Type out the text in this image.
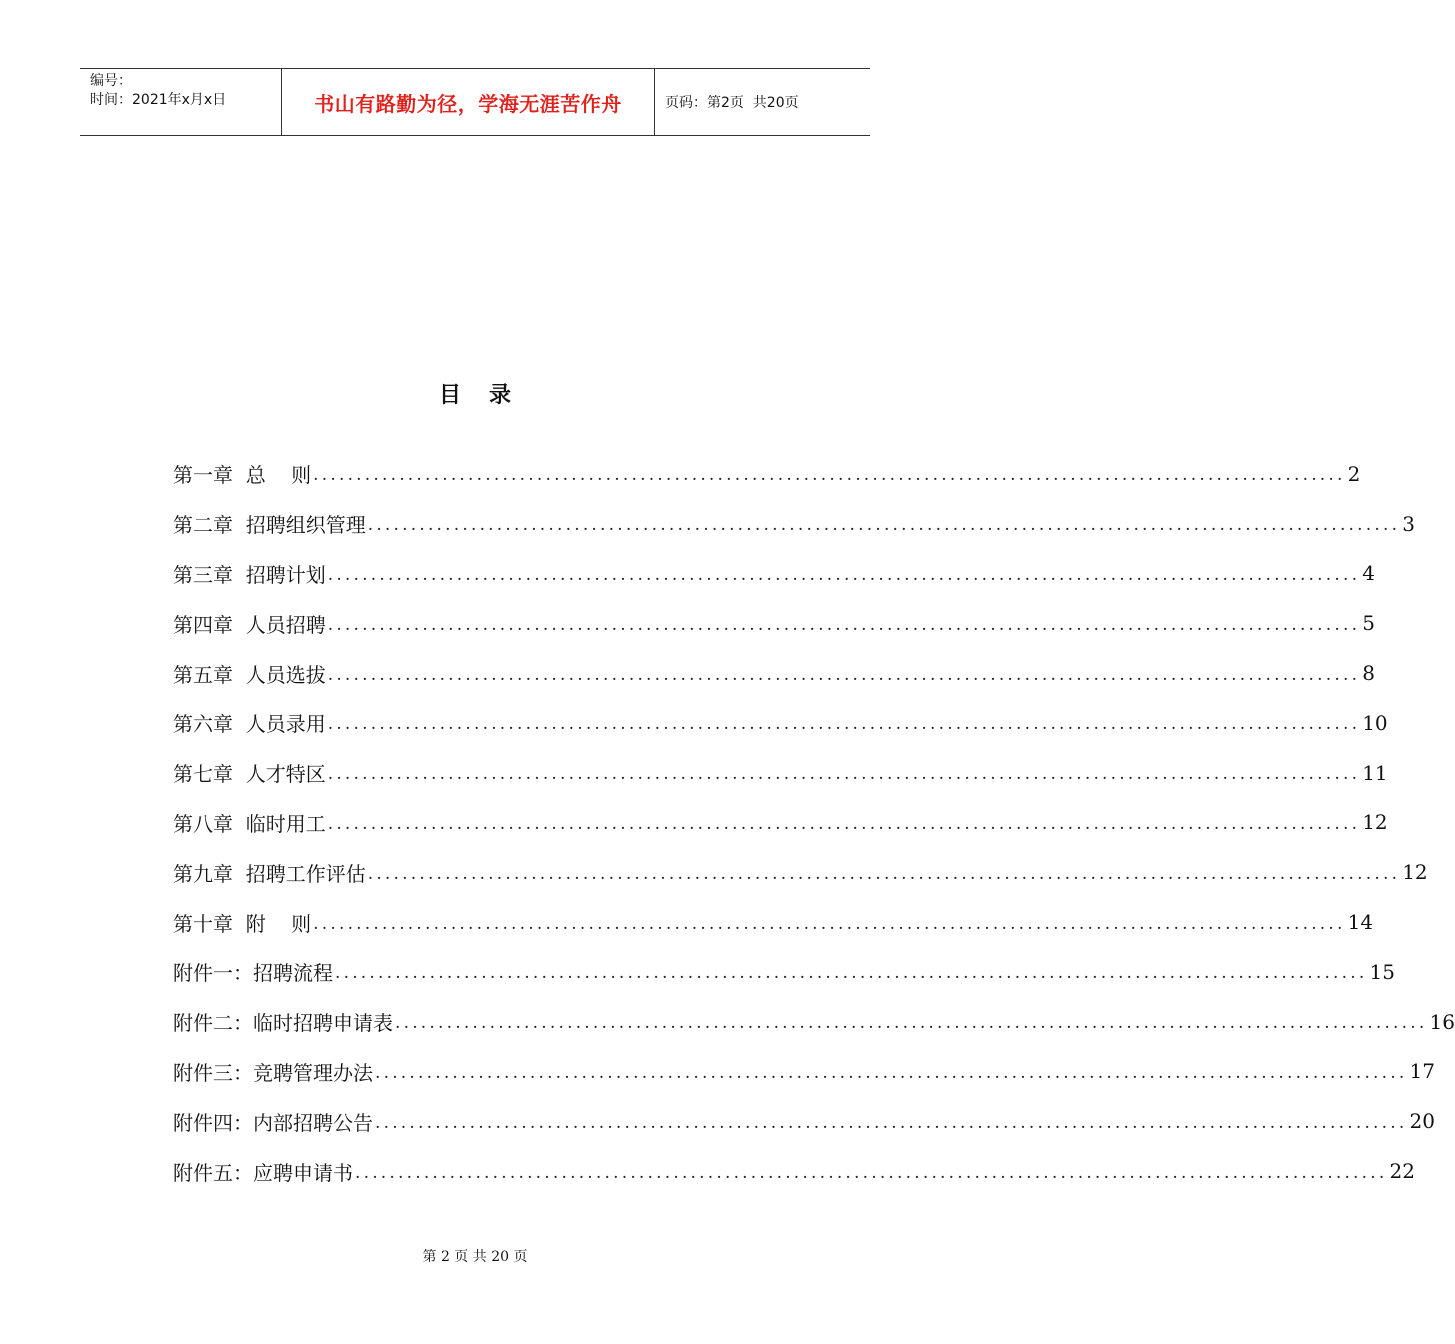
编号：
时间：2021年x月x日	书山有路勤为径，学海无涯苦作舟	页码：第2页  共20页
目录
第一章  总    则 ........................................................................................................................ 2
第二章  招聘组织管理 ........................................................................................................................ 3
第三章  招聘计划 ........................................................................................................................ 4
第四章  人员招聘 ........................................................................................................................ 5
第五章  人员选拔 ........................................................................................................................ 8
第六章  人员录用 ........................................................................................................................ 10
第七章  人才特区 ........................................................................................................................ 11
第八章  临时用工 ........................................................................................................................ 12
第九章  招聘工作评估 ........................................................................................................................ 12
第十章  附    则 ........................................................................................................................ 14
附件一：招聘流程 ........................................................................................................................ 15
附件二：临时招聘申请表 ........................................................................................................................ 16
附件三：竞聘管理办法 ........................................................................................................................ 17
附件四：内部招聘公告 ........................................................................................................................ 20
附件五：应聘申请书 ........................................................................................................................ 22
第 2 页 共 20 页
